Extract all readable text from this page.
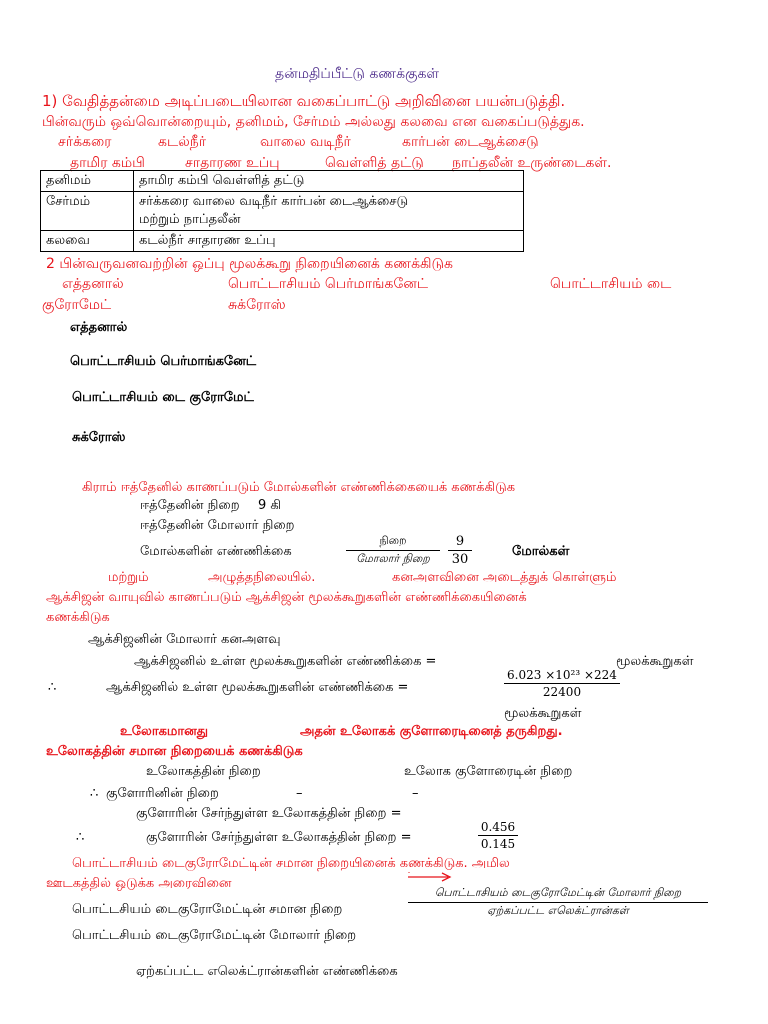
தன்மதிப்பீட்டு கணக்குகள்
1) வேதித்தன்மை அடிப்படையிலான வகைப்பாட்டு அறிவினை பயன்படுத்தி.
பின்வரும் ஒவ்வொன்றையும், தனிமம், சேர்மம் அல்லது கலவை என வகைப்படுத்துக.
சர்க்கரை	கடல்நீர்	வாலை வடிநீர்	கார்பன் டைஆக்சைடு
தாமிர கம்பி	சாதாரண உப்பு	வெள்ளித் தட்டு நாப்தலீன் உருண்டைகள்.
தனிமம்	தாமிர கம்பி வெள்ளித் தட்டு
சேர்மம்	சர்க்கரை வாலை வடிநீர் கார்பன் டைஆக்சைடு
மற்றும் நாப்தலீன்

கலவை	கடல்நீர் சாதாரண உப்பு
2 பின்வருவனவற்றின் ஒப்பு மூலக்கூறு நிறையினைக் கணக்கிடுக
எத்தனால்	பொட்டாசியம் பெர்மாங்கனேட்	பொட்டாசியம் டை
குரோமேட்	சுக்ரோஸ்
எத்தனால்
பொட்டாசியம் பெர்மாங்கனேட்
பொட்டாசியம் டை குரோமேட்
சுக்ரோஸ்
கிராம் ஈத்தேனில் காணப்படும் மோல்களின் எண்ணிக்கையைக் கணக்கிடுக
ஈத்தேனின் நிறை 9 கி
ஈத்தேனின் மோலார் நிறை
மோல்களின் எண்ணிக்கை
நிறை
மோலார் நிறை	$\frac{9}{30}$	மோல்கள்
மற்றும்	அழுத்தநிலையில்.	கனஅளவினை அடைத்துக் கொள்ளும்
ஆக்சிஜன் வாயுவில் காணப்படும் ஆக்சிஜன் மூலக்கூறுகளின் எண்ணிக்கையினைக்
கணக்கிடுக
ஆக்சிஜனின் மோலார் கனஅளவு
ஆக்சிஜனில் உள்ள மூலக்கூறுகளின் எண்ணிக்கை =	மூலக்கூறுகள்
∴	ஆக்சிஜனில் உள்ள மூலக்கூறுகளின் எண்ணிக்கை =	$\frac{\text{6.023 ×10²³ ×224}}{22400}$
மூலக்கூறுகள்
உலோகமானது	அதன் உலோகக் குளோரைடினைத் தருகிறது.
உலோகத்தின் சமான நிறையைக் கணக்கிடுக
உலோகத்தின் நிறை	உலோக குளோரைடின் நிறை
∴ குளோரினின் நிறை	–	–
குளோரின் சேர்ந்துள்ள உலோகத்தின் நிறை =
∴	குளோரின் சேர்ந்துள்ள உலோகத்தின் நிறை =	$\frac{0.456}{0.145}$
பொட்டாசியம் டைகுரோமேட்டின் சமான நிறையினைக் கணக்கிடுக. அமில
ஊடகத்தில் ஒடுக்க அரைவினை
பொட்டசியம் டைகுரோமேட்டின் சமான நிறை
பொட்டாசியம் டைகுரோமேட்டின் மோலார் நிறை
ஏற்கப்பட்ட எலெக்ட்ரான்கள்
பொட்டசியம் டைகுரோமேட்டின் மோலார் நிறை
ஏற்கப்பட்ட எலெக்ட்ரான்களின் எண்ணிக்கை
